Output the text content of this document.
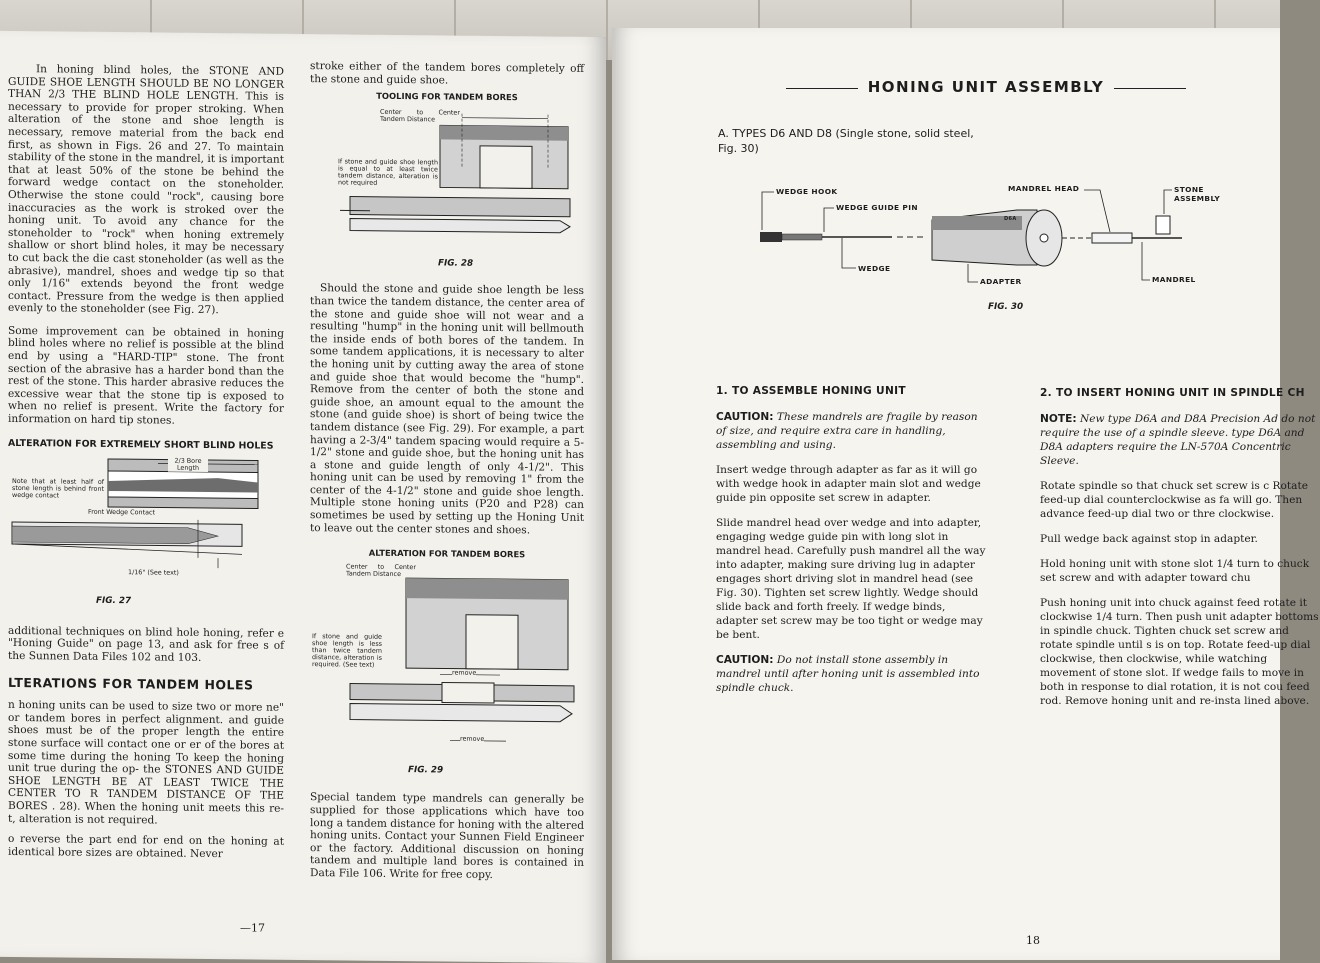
In honing blind holes, the STONE AND GUIDE SHOE LENGTH SHOULD BE NO LONGER THAN 2/3 THE BLIND HOLE LENGTH. This is necessary to provide for proper stroking. When alteration of the stone and shoe length is necessary, remove material from the back end first, as shown in Figs. 26 and 27. To maintain stability of the stone in the mandrel, it is important that at least 50% of the stone be behind the forward wedge contact on the stoneholder. Otherwise the stone could "rock", causing bore inaccuracies as the work is stroked over the honing unit. To avoid any chance for the stoneholder to "rock" when honing extremely shallow or short blind holes, it may be necessary to cut back the die cast stoneholder (as well as the abrasive), mandrel, shoes and wedge tip so that only 1/16" extends beyond the front wedge contact. Pressure from the wedge is then applied evenly to the stoneholder (see Fig. 27).

Some improvement can be obtained in honing blind holes where no relief is possible at the blind end by using a "HARD-TIP" stone. The front section of the abrasive has a harder bond than the rest of the stone. This harder abrasive reduces the excessive wear that the stone tip is exposed to when no relief is present. Write the factory for information on hard tip stones.

ALTERATION FOR EXTREMELY SHORT BLIND HOLES
Note that at least half of stone length is behind front wedge contact
2/3 Bore Length
Front Wedge Contact
1/16" (See text)
FIG. 27

additional techniques on blind hole honing, refer e "Honing Guide" on page 13, and ask for free s of the Sunnen Data Files 102 and 103.

LTERATIONS FOR TANDEM HOLES

n honing units can be used to size two or more ne" or tandem bores in perfect alignment. and guide shoes must be of the proper length the entire stone surface will contact one or er of the bores at some time during the honing To keep the honing unit true during the op- the STONES AND GUIDE SHOE LENGTH BE AT LEAST TWICE THE CENTER TO R TANDEM DISTANCE OF THE BORES . 28). When the honing unit meets this re- t, alteration is not required.

o reverse the part end for end on the honing at identical bore sizes are obtained. Never

stroke either of the tandem bores completely off the stone and guide shoe.

TOOLING FOR TANDEM BORES
Center to Center Tandem Distance
If stone and guide shoe length is equal to at least twice tandem distance, alteration is not required
FIG. 28

Should the stone and guide shoe length be less than twice the tandem distance, the center area of the stone and guide shoe will not wear and a resulting "hump" in the honing unit will bellmouth the inside ends of both bores of the tandem. In some tandem applications, it is necessary to alter the honing unit by cutting away the area of stone and guide shoe that would become the "hump". Remove from the center of both the stone and guide shoe, an amount equal to the amount the stone (and guide shoe) is short of being twice the tandem distance (see Fig. 29). For example, a part having a 2-3/4" tandem spacing would require a 5-1/2" stone and guide shoe, but the honing unit has a stone and guide length of only 4-1/2". This honing unit can be used by removing 1" from the center of the 4-1/2" stone and guide shoe length. Multiple stone honing units (P20 and P28) can sometimes be used by setting up the Honing Unit to leave out the center stones and shoes.

ALTERATION FOR TANDEM BORES
Center to Center Tandem Distance
If stone and guide shoe length is less than twice tandem distance, alteration is required. (See text)
remove
remove
FIG. 29

Special tandem type mandrels can generally be supplied for those applications which have too long a tandem distance for honing with the altered honing units. Contact your Sunnen Field Engineer or the factory. Additional discussion on honing tandem and multiple land bores is contained in Data File 106. Write for free copy.

—17
HONING UNIT ASSEMBLY
A. TYPES D6 AND D8 (Single stone, solid steel, Fig. 30)
WEDGE HOOK
WEDGE GUIDE PIN
WEDGE
MANDREL HEAD	STONE ASSEMBLY
ADAPTER	MANDREL
D6A
FIG. 30
1. TO ASSEMBLE HONING UNIT

CAUTION: These mandrels are fragile by reason of size, and require extra care in handling, assembling and using.

Insert wedge through adapter as far as it will go with wedge hook in adapter main slot and wedge guide pin opposite set screw in adapter.

Slide mandrel head over wedge and into adapter, engaging wedge guide pin with long slot in mandrel head. Carefully push mandrel all the way into adapter, making sure driving lug in adapter engages short driving slot in mandrel head (see Fig. 30). Tighten set screw lightly. Wedge should slide back and forth freely. If wedge binds, adapter set screw may be too tight or wedge may be bent.

CAUTION: Do not install stone assembly in mandrel until after honing unit is assembled into spindle chuck.

2. TO INSERT HONING UNIT IN SPINDLE CH

NOTE: New type D6A and D8A Precision Ad do not require the use of a spindle sleeve. type D6A and D8A adapters require the LN-570A Concentric Sleeve.

Rotate spindle so that chuck set screw is c Rotate feed-up dial counterclockwise as fa will go. Then advance feed-up dial two or thre clockwise.

Pull wedge back against stop in adapter.

Hold honing unit with stone slot 1/4 turn to chuck set screw and with adapter toward chu

Push honing unit into chuck against feed rotate it clockwise 1/4 turn. Then push unit adapter bottoms in spindle chuck. Tighten chuck set screw and rotate spindle until s is on top. Rotate feed-up dial clockwise, then clockwise, while watching movement of stone slot. If wedge fails to move in both in response to dial rotation, it is not cou feed rod. Remove honing unit and re-insta lined above.

18
